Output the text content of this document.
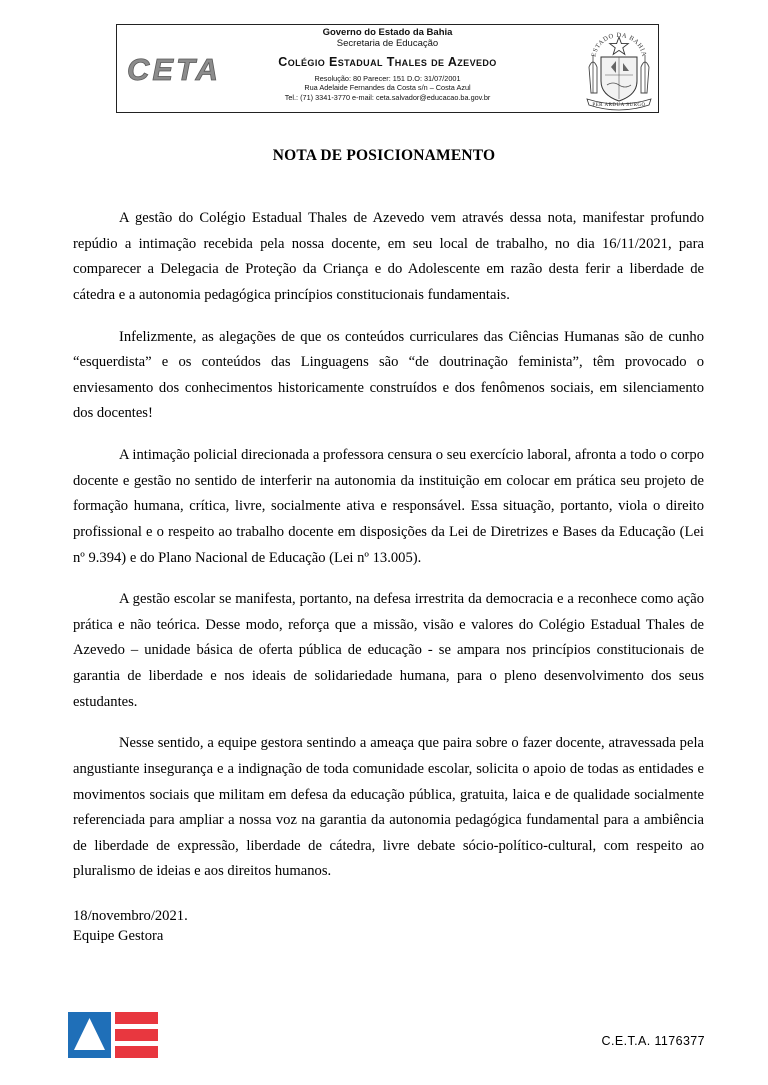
CETA
Governo do Estado da Bahia
Secretaria de Educação
Colégio Estadual Thales de Azevedo
Resolução: 80 Parecer: 151 D.O: 31/07/2001
Rua Adelaide Fernandes da Costa s/n – Costa Azul
Tel.: (71) 3341-3770 e-mail: ceta.salvador@educacao.ba.gov.br
ESTADO DA BAHIA
PER ARDUA SURGO
NOTA DE POSICIONAMENTO

A gestão do Colégio Estadual Thales de Azevedo vem através dessa nota, manifestar profundo repúdio a intimação recebida pela nossa docente, em seu local de trabalho, no dia 16/11/2021, para comparecer a Delegacia de Proteção da Criança e do Adolescente em razão desta ferir a liberdade de cátedra e a autonomia pedagógica princípios constitucionais fundamentais.

Infelizmente, as alegações de que os conteúdos curriculares das Ciências Humanas são de cunho “esquerdista” e os conteúdos das Linguagens são “de doutrinação feminista”, têm provocado o enviesamento dos conhecimentos historicamente construídos e dos fenômenos sociais, em silenciamento dos docentes!

A intimação policial direcionada a professora censura o seu exercício laboral, afronta a todo o corpo docente e gestão no sentido de interferir na autonomia da instituição em colocar em prática seu projeto de formação humana, crítica, livre, socialmente ativa e responsável. Essa situação, portanto, viola o direito profissional e o respeito ao trabalho docente em disposições da Lei de Diretrizes e Bases da Educação (Lei nº 9.394) e do Plano Nacional de Educação (Lei nº 13.005).

A gestão escolar se manifesta, portanto, na defesa irrestrita da democracia e a reconhece como ação prática e não teórica. Desse modo, reforça que a missão, visão e valores do Colégio Estadual Thales de Azevedo – unidade básica de oferta pública de educação - se ampara nos princípios constitucionais de garantia de liberdade e nos ideais de solidariedade humana, para o pleno desenvolvimento dos seus estudantes.

Nesse sentido, a equipe gestora sentindo a ameaça que paira sobre o fazer docente, atravessada pela angustiante insegurança e a indignação de toda comunidade escolar, solicita o apoio de todas as entidades e movimentos sociais que militam em defesa da educação pública, gratuita, laica e de qualidade socialmente referenciada para ampliar a nossa voz na garantia da autonomia pedagógica fundamental para a ambiência de liberdade de expressão, liberdade de cátedra, livre debate sócio-político-cultural, com respeito ao pluralismo de ideias e aos direitos humanos.

18/novembro/2021.
Equipe Gestora
C.E.T.A. 1176377
